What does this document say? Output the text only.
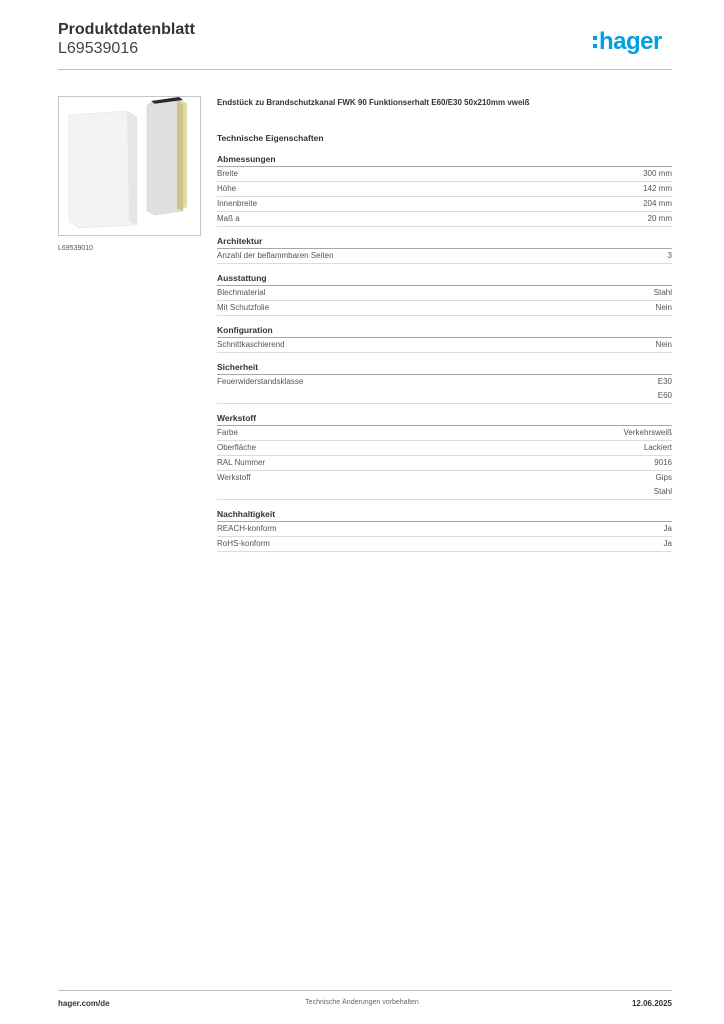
Produktdatenblatt
L69539016	hager
L69539010
Endstück zu Brandschutzkanal FWK 90 Funktionserhalt E60/E30 50x210mm vweiß
Technische Eigenschaften
Abmessungen
Breite	300 mm
Höhe	142 mm
Innenbreite	204 mm
Maß a	20 mm
Architektur
Anzahl der beflammbaren Seiten	3
Ausstattung
Blechmaterial	Stahl
Mit Schutzfolie	Nein
Konfiguration
Schnittkaschierend	Nein
Sicherheit
Feuerwiderstandsklasse	E30
E60
Werkstoff
Farbe	Verkehrsweiß
Oberfläche	Lackiert
RAL Nummer	9016
Werkstoff	Gips
Stahl
Nachhaltigkeit
REACH-konform	Ja
RoHS-konform	Ja
hager.com/de	Technische Änderungen vorbehalten	12.06.2025
